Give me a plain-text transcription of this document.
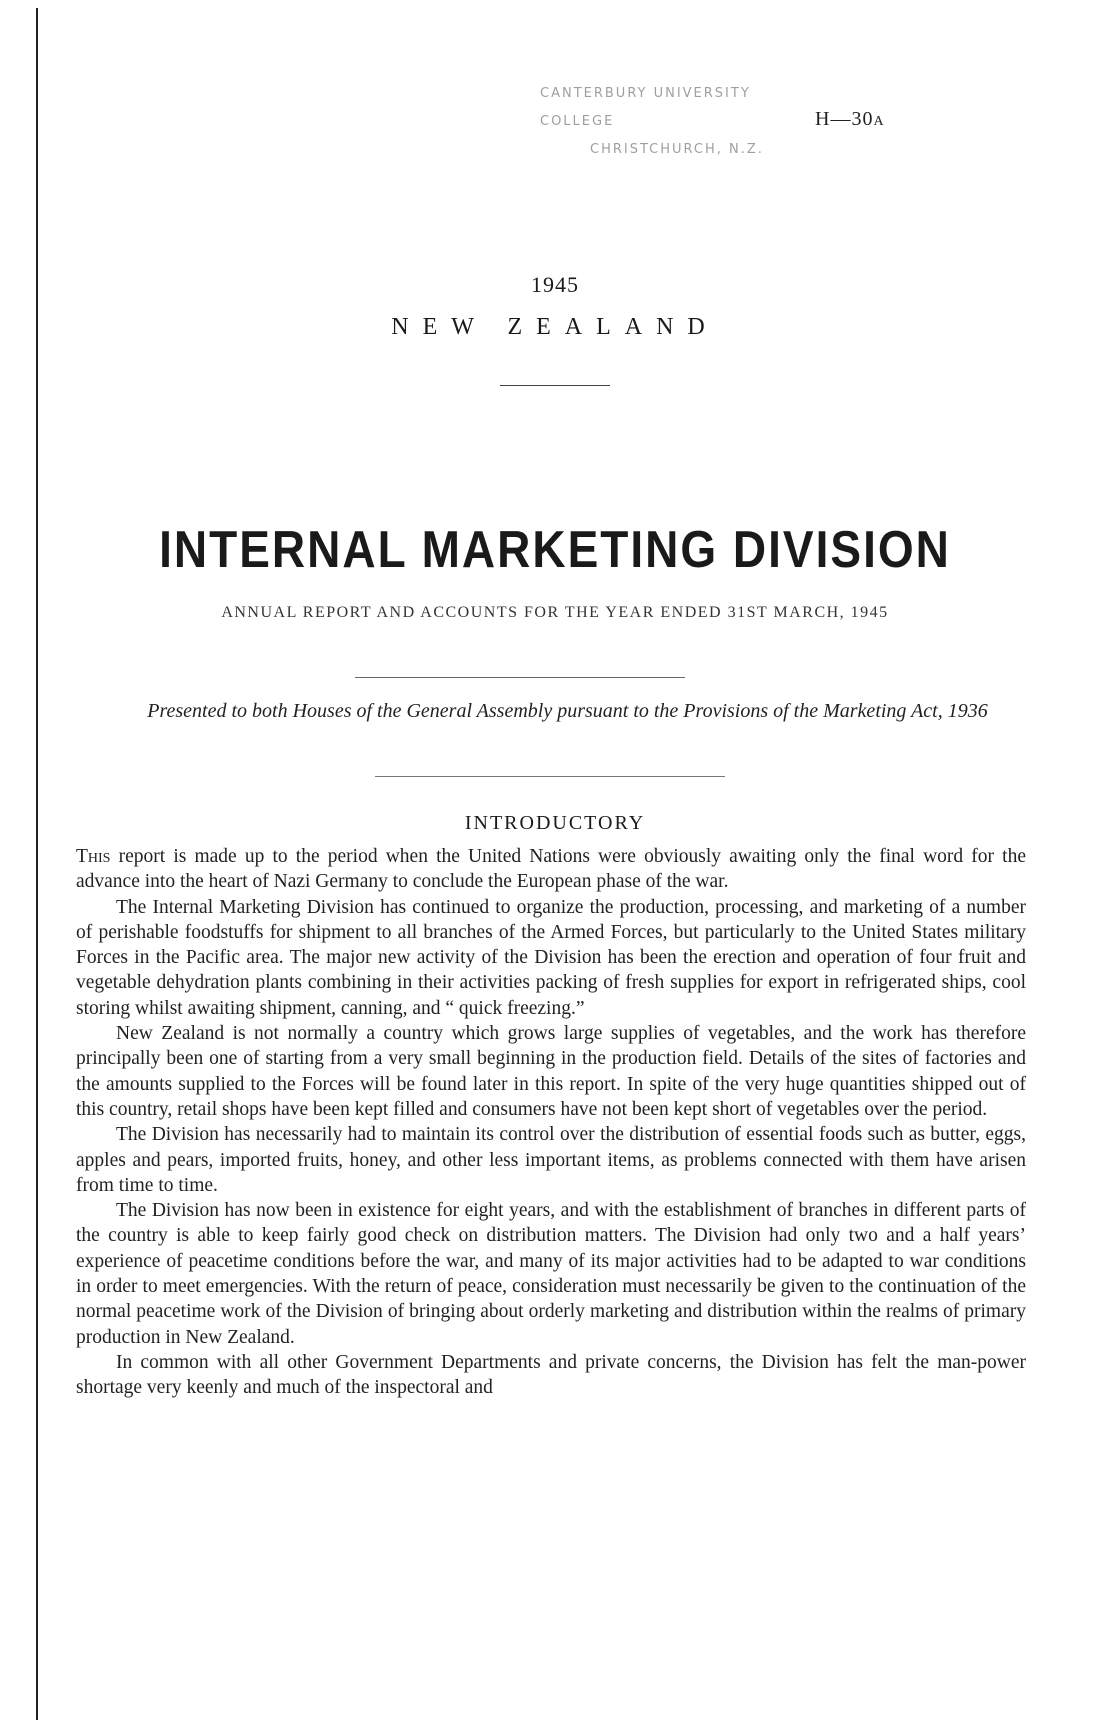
CANTERBURY UNIVERSITY COLLEGE
CHRISTCHURCH, N.Z.
H—30A
1945
NEW ZEALAND
INTERNAL MARKETING DIVISION
ANNUAL REPORT AND ACCOUNTS FOR THE YEAR ENDED 31ST MARCH, 1945
Presented to both Houses of the General Assembly pursuant to the Provisions of the Marketing Act, 1936
INTRODUCTORY

This report is made up to the period when the United Nations were obviously awaiting only the final word for the advance into the heart of Nazi Germany to conclude the European phase of the war.

The Internal Marketing Division has continued to organize the production, processing, and marketing of a number of perishable foodstuffs for shipment to all branches of the Armed Forces, but particularly to the United States military Forces in the Pacific area. The major new activity of the Division has been the erection and operation of four fruit and vegetable dehydration plants combining in their activities packing of fresh supplies for export in refrigerated ships, cool storing whilst awaiting shipment, canning, and “ quick freezing.”

New Zealand is not normally a country which grows large supplies of vegetables, and the work has therefore principally been one of starting from a very small beginning in the production field. Details of the sites of factories and the amounts supplied to the Forces will be found later in this report. In spite of the very huge quantities shipped out of this country, retail shops have been kept filled and consumers have not been kept short of vegetables over the period.

The Division has necessarily had to maintain its control over the distribution of essential foods such as butter, eggs, apples and pears, imported fruits, honey, and other less important items, as problems connected with them have arisen from time to time.

The Division has now been in existence for eight years, and with the establishment of branches in different parts of the country is able to keep fairly good check on distribution matters. The Division had only two and a half years’ experience of peacetime conditions before the war, and many of its major activities had to be adapted to war conditions in order to meet emergencies. With the return of peace, consideration must necessarily be given to the continuation of the normal peacetime work of the Division of bringing about orderly marketing and distribution within the realms of primary production in New Zealand.

In common with all other Government Departments and private concerns, the Division has felt the man-power shortage very keenly and much of the inspectoral and
